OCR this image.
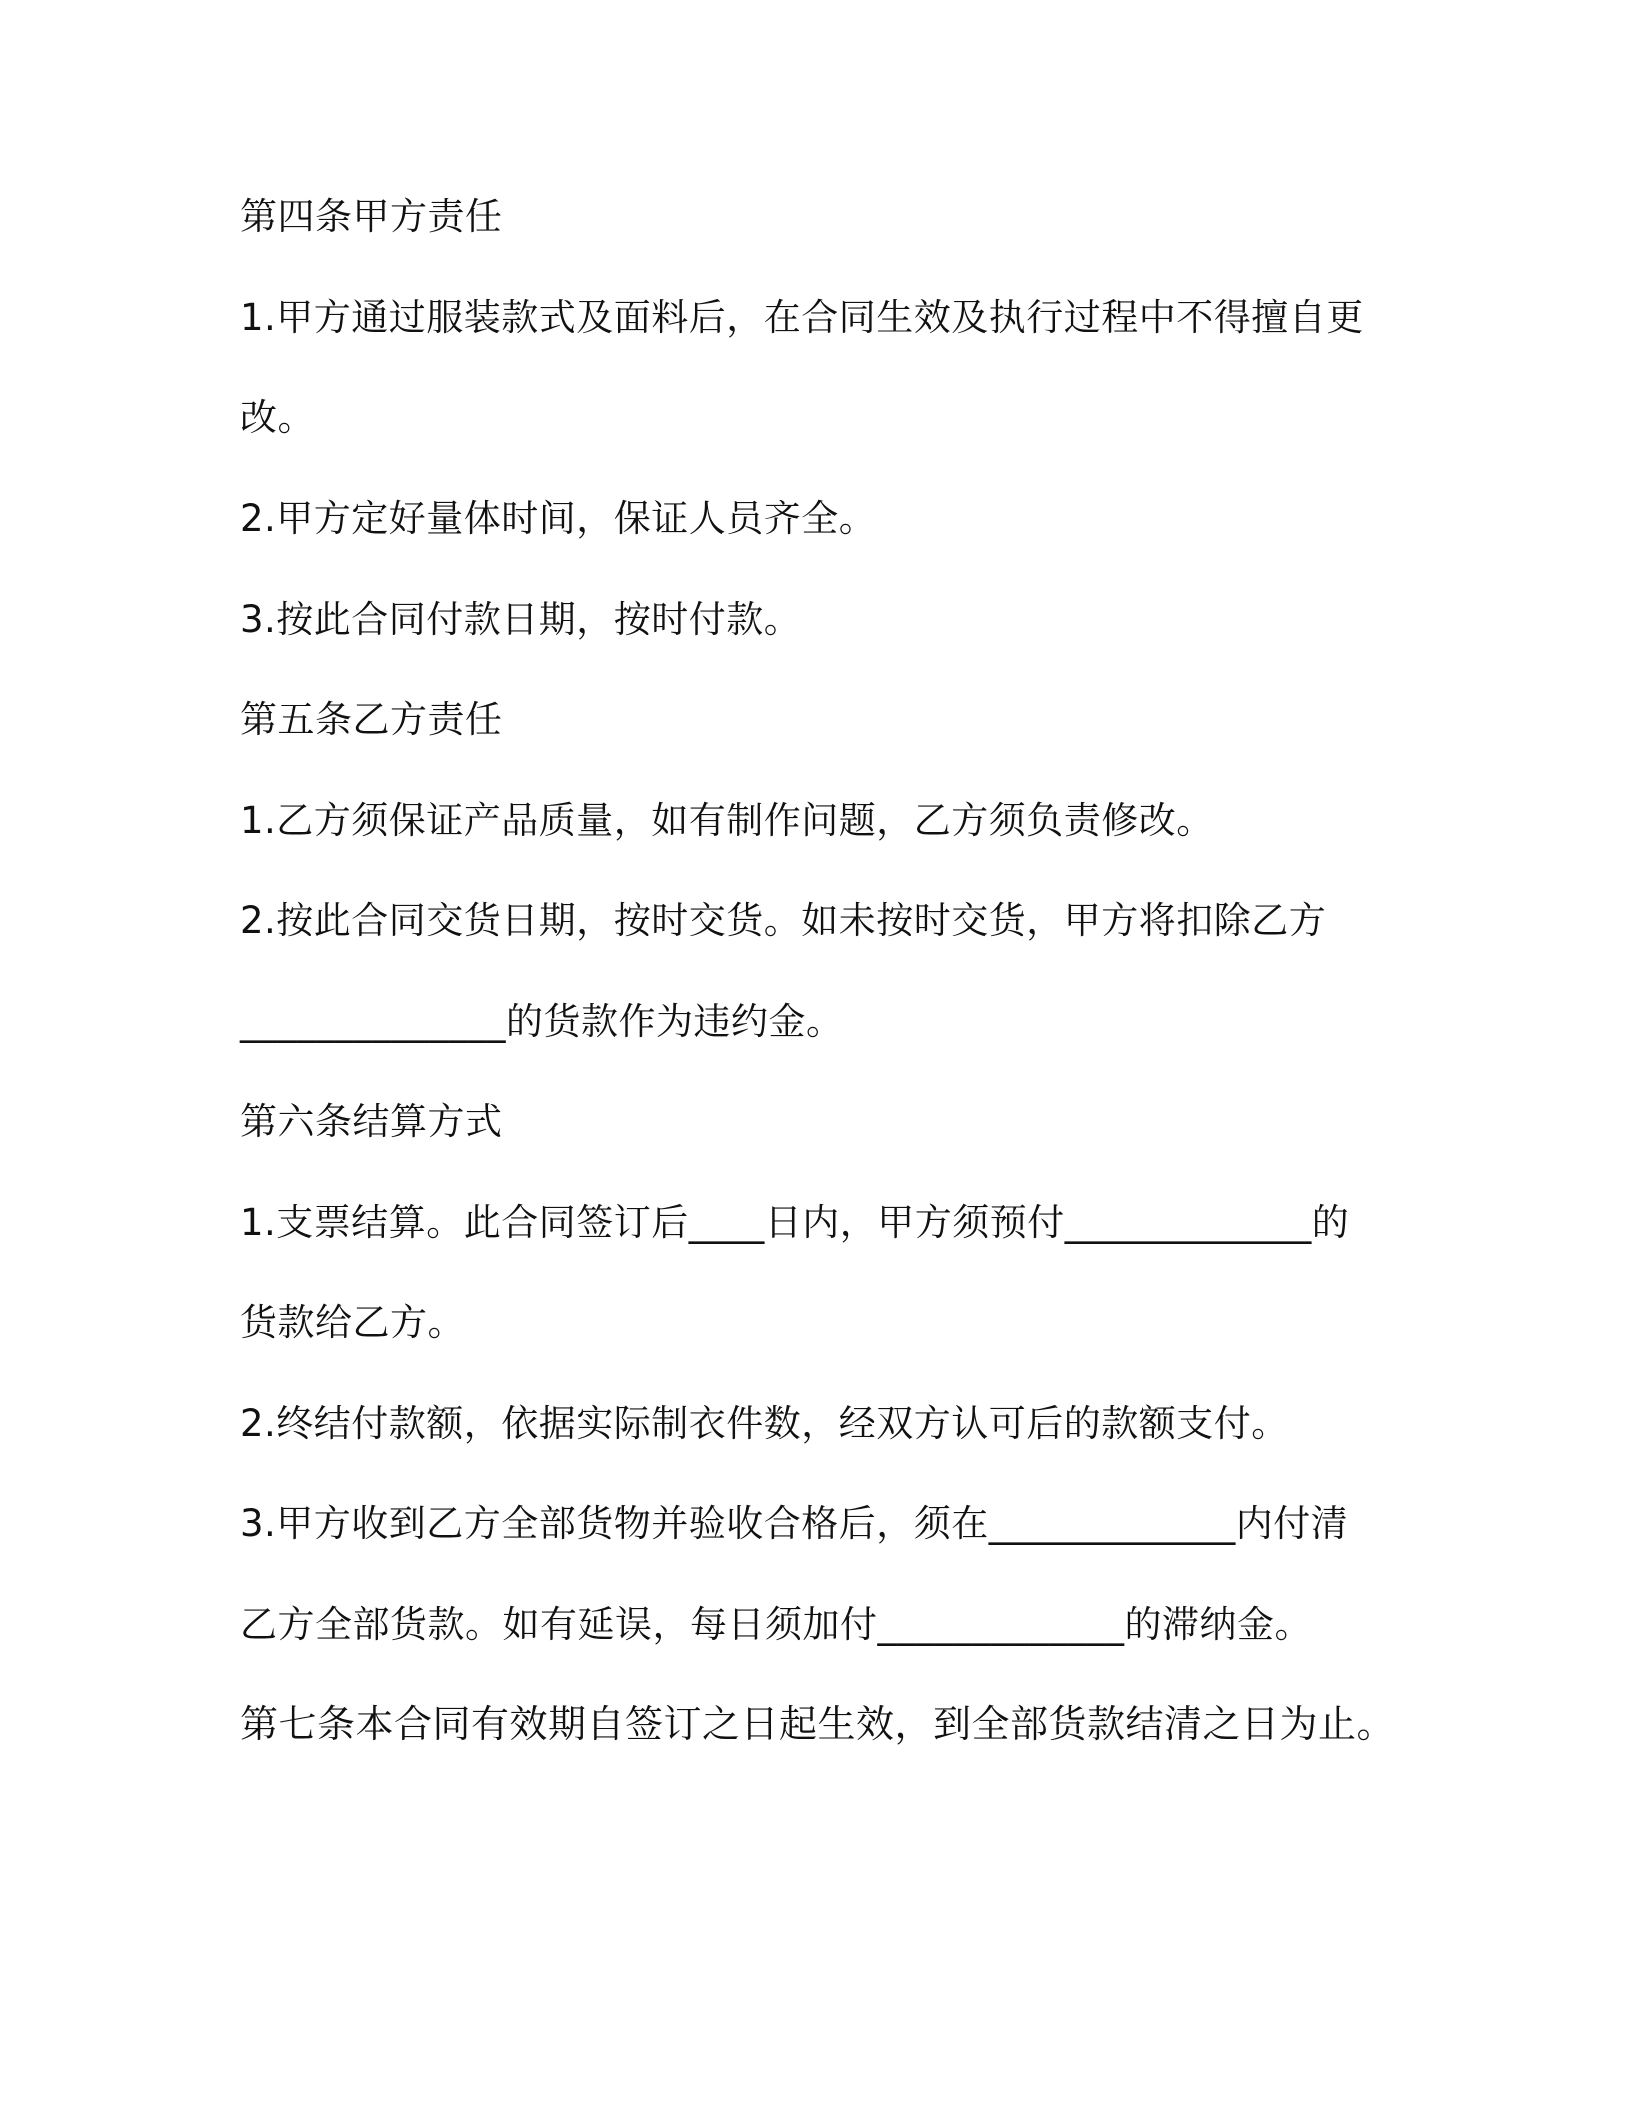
第四条甲方责任
1.甲方通过服装款式及面料后，在合同生效及执行过程中不得擅自更
改。
2.甲方定好量体时间，保证人员齐全。
3.按此合同付款日期，按时付款。
第五条乙方责任
1.乙方须保证产品质量，如有制作问题，乙方须负责修改。
2.按此合同交货日期，按时交货。如未按时交货，甲方将扣除乙方
______________的货款作为违约金。
第六条结算方式
1.支票结算。此合同签订后____日内，甲方须预付_____________的
货款给乙方。
2.终结付款额，依据实际制衣件数，经双方认可后的款额支付。
3.甲方收到乙方全部货物并验收合格后，须在_____________内付清
乙方全部货款。如有延误，每日须加付_____________的滞纳金。
第七条本合同有效期自签订之日起生效，到全部货款结清之日为止。
